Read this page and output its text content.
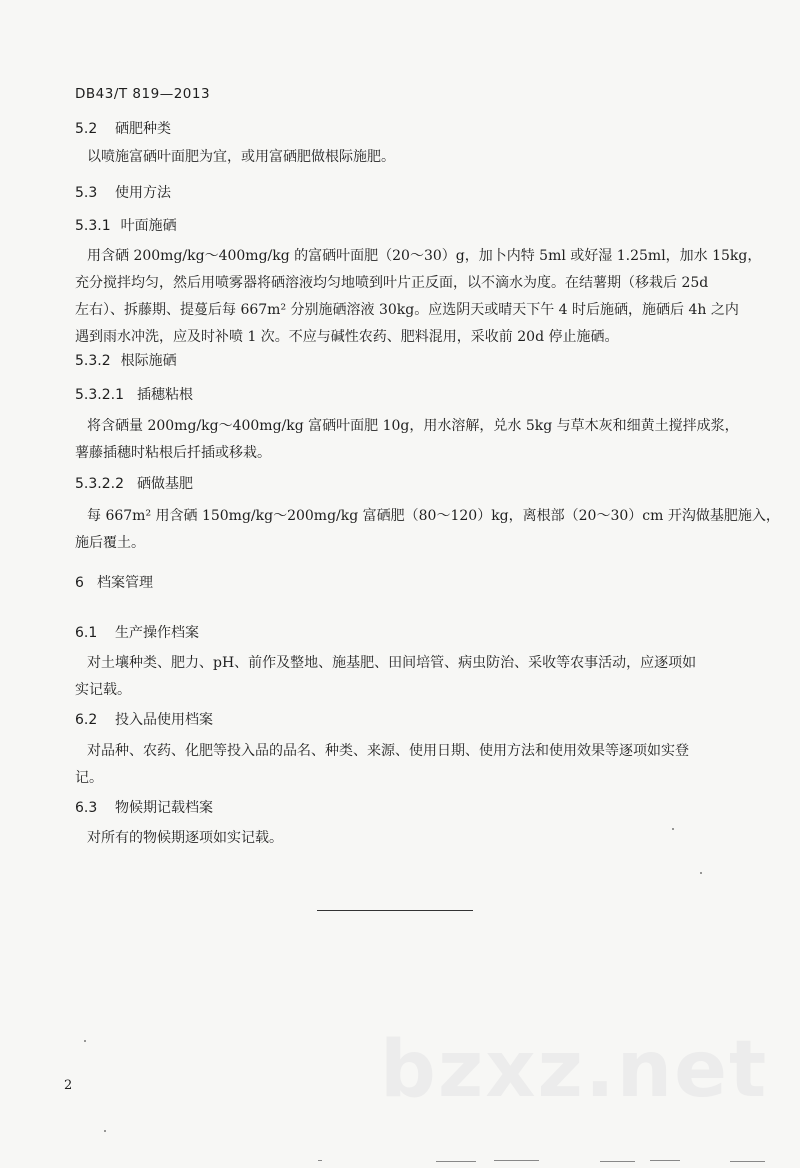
DB43/T 819—2013
5.2 硒肥种类
以喷施富硒叶面肥为宜，或用富硒肥做根际施肥。
5.3 使用方法
5.3.1 叶面施硒
用含硒 200mg/kg～400mg/kg 的富硒叶面肥（20～30）g，加卜内特 5ml 或好湿 1.25ml，加水 15kg，
充分搅拌均匀，然后用喷雾器将硒溶液均匀地喷到叶片正反面，以不滴水为度。在结薯期（移栽后 25d
左右）、拆藤期、提蔓后每 667m² 分别施硒溶液 30kg。应选阴天或晴天下午 4 时后施硒，施硒后 4h 之内
遇到雨水冲洗，应及时补喷 1 次。不应与碱性农药、肥料混用，采收前 20d 停止施硒。
5.3.2 根际施硒
5.3.2.1 插穗粘根
将含硒量 200mg/kg～400mg/kg 富硒叶面肥 10g，用水溶解，兑水 5kg 与草木灰和细黄土搅拌成浆，
薯藤插穗时粘根后扦插或移栽。
5.3.2.2 硒做基肥
每 667m² 用含硒 150mg/kg～200mg/kg 富硒肥（80～120）kg，离根部（20～30）cm 开沟做基肥施入，
施后覆土。
6 档案管理
6.1 生产操作档案
对土壤种类、肥力、pH、前作及整地、施基肥、田间培管、病虫防治、采收等农事活动，应逐项如
实记载。
6.2 投入品使用档案
对品种、农药、化肥等投入品的品名、种类、来源、使用日期、使用方法和使用效果等逐项如实登
记。
6.3 物候期记载档案
对所有的物候期逐项如实记载。
bzxz.net
2
